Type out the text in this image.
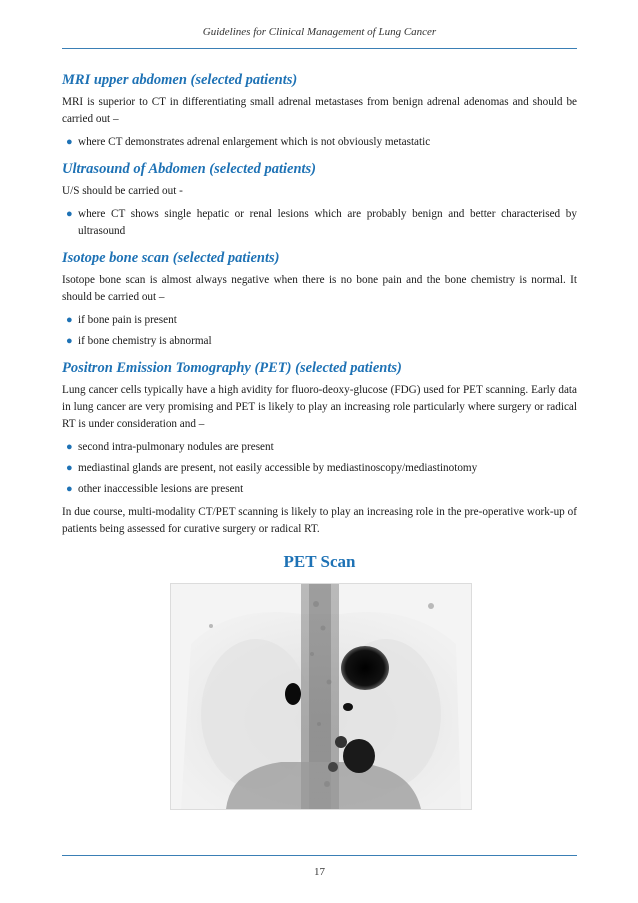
Guidelines for Clinical Management of Lung Cancer
MRI upper abdomen (selected patients)

MRI is superior to CT in differentiating small adrenal metastases from benign adrenal adenomas and should be carried out –

● where CT demonstrates adrenal enlargement which is not obviously metastatic
Ultrasound of Abdomen (selected patients)

U/S should be carried out -

● where CT shows single hepatic or renal lesions which are probably benign and better characterised by ultrasound
Isotope bone scan (selected patients)

Isotope bone scan is almost always negative when there is no bone pain and the bone chemistry is normal. It should be carried out –

● if bone pain is present
● if bone chemistry is abnormal
Positron Emission Tomography (PET) (selected patients)

Lung cancer cells typically have a high avidity for fluoro-deoxy-glucose (FDG) used for PET scanning. Early data in lung cancer are very promising and PET is likely to play an increasing role particularly where surgery or radical RT is under consideration and –

● second intra-pulmonary nodules are present
● mediastinal glands are present, not easily accessible by mediastinoscopy/mediastinotomy
● other inaccessible lesions are present

In due course, multi-modality CT/PET scanning is likely to play an increasing role in the pre-operative work-up of patients being assessed for curative surgery or radical RT.

PET Scan
17
